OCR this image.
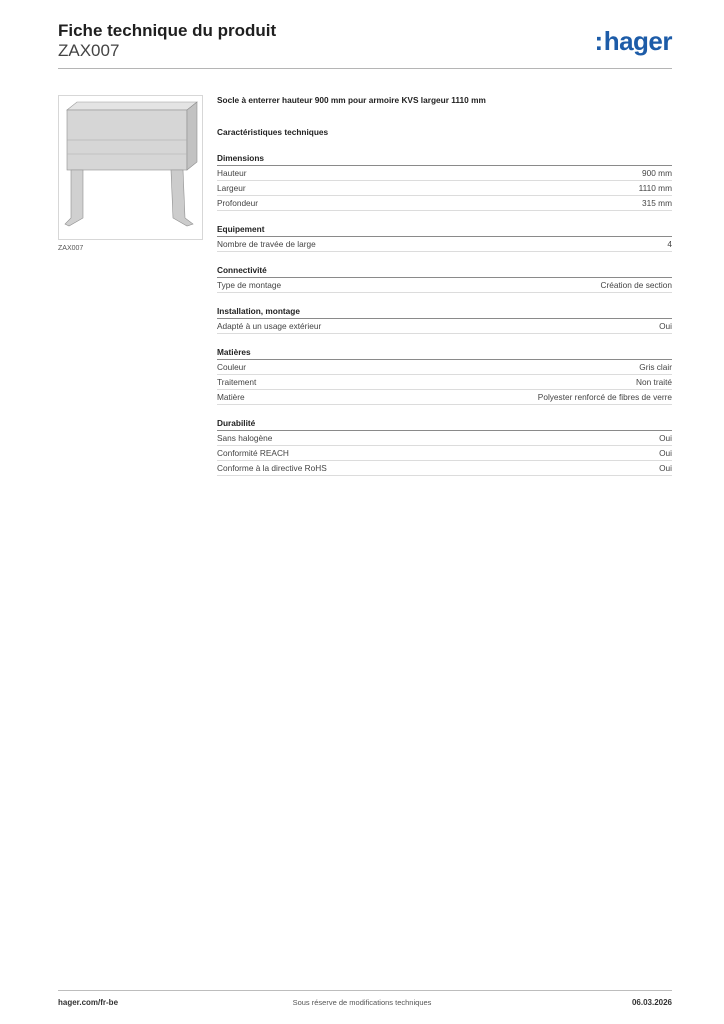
Fiche technique du produit
ZAX007	:hager
ZAX007
Socle à enterrer hauteur 900 mm pour armoire KVS largeur 1110 mm
Caractéristiques techniques
Dimensions
Hauteur	900 mm
Largeur	1110 mm
Profondeur	315 mm
Equipement
Nombre de travée de large	4
Connectivité
Type de montage	Création de section
Installation, montage
Adapté à un usage extérieur	Oui
Matières
Couleur	Gris clair
Traitement	Non traité
Matière	Polyester renforcé de fibres de verre
Durabilité
Sans halogène	Oui
Conformité REACH	Oui
Conforme à la directive RoHS	Oui
hager.com/fr-be	Sous réserve de modifications techniques	06.03.2026
